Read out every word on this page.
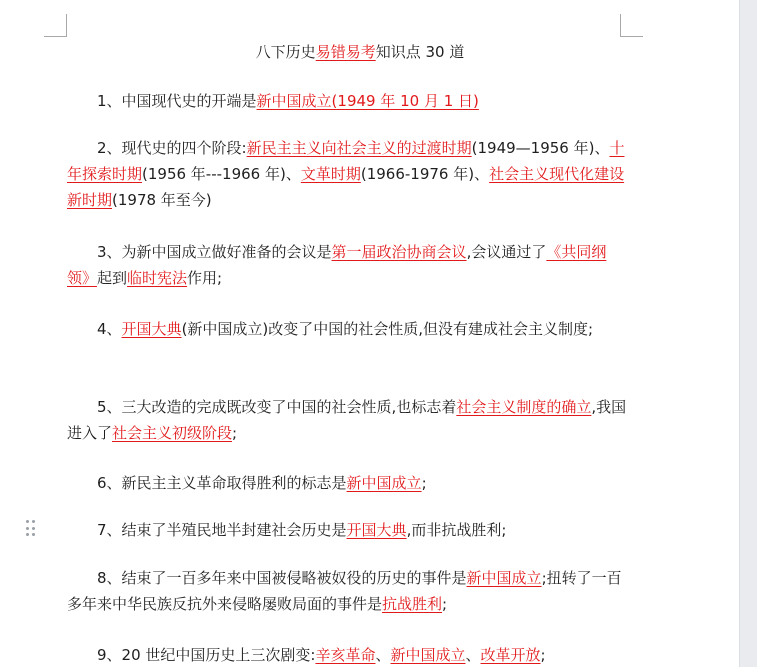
八下历史易错易考知识点 30 道

1、中国现代史的开端是新中国成立(1949 年 10 月 1 日)

2、现代史的四个阶段:新民主主义向社会主义的过渡时期(1949—1956 年)、十年探索时期(1956 年---1966 年)、文革时期(1966-1976 年)、社会主义现代化建设新时期(1978 年至今)

3、为新中国成立做好准备的会议是第一届政治协商会议,会议通过了《共同纲领》起到临时宪法作用;

4、开国大典(新中国成立)改变了中国的社会性质,但没有建成社会主义制度;

5、三大改造的完成既改变了中国的社会性质,也标志着社会主义制度的确立,我国进入了社会主义初级阶段;

6、新民主主义革命取得胜利的标志是新中国成立;

7、结束了半殖民地半封建社会历史是开国大典,而非抗战胜利;

8、结束了一百多年来中国被侵略被奴役的历史的事件是新中国成立;扭转了一百多年来中华民族反抗外来侵略屡败局面的事件是抗战胜利;

9、20 世纪中国历史上三次剧变:辛亥革命、新中国成立、改革开放;
